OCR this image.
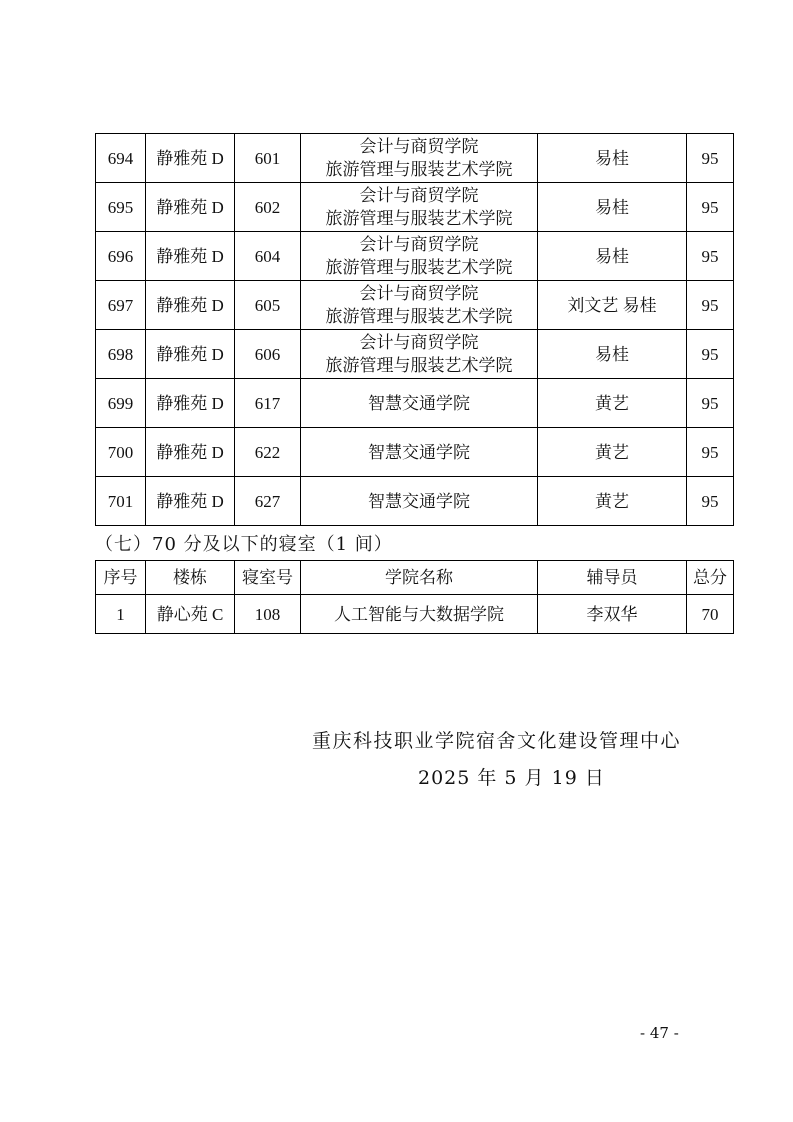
694	静雅苑 D	601	会计与商贸学院
旅游管理与服装艺术学院	易桂	95
695	静雅苑 D	602	会计与商贸学院
旅游管理与服装艺术学院	易桂	95
696	静雅苑 D	604	会计与商贸学院
旅游管理与服装艺术学院	易桂	95
697	静雅苑 D	605	会计与商贸学院
旅游管理与服装艺术学院	刘文艺 易桂	95
698	静雅苑 D	606	会计与商贸学院
旅游管理与服装艺术学院	易桂	95
699	静雅苑 D	617	智慧交通学院	黄艺	95
700	静雅苑 D	622	智慧交通学院	黄艺	95
701	静雅苑 D	627	智慧交通学院	黄艺	95
（七）70 分及以下的寝室（1 间）
序号	楼栋	寝室号	学院名称	辅导员	总分
1	静心苑 C	108	人工智能与大数据学院	李双华	70
重庆科技职业学院宿舍文化建设管理中心
2025 年 5 月 19 日
- 47 -
